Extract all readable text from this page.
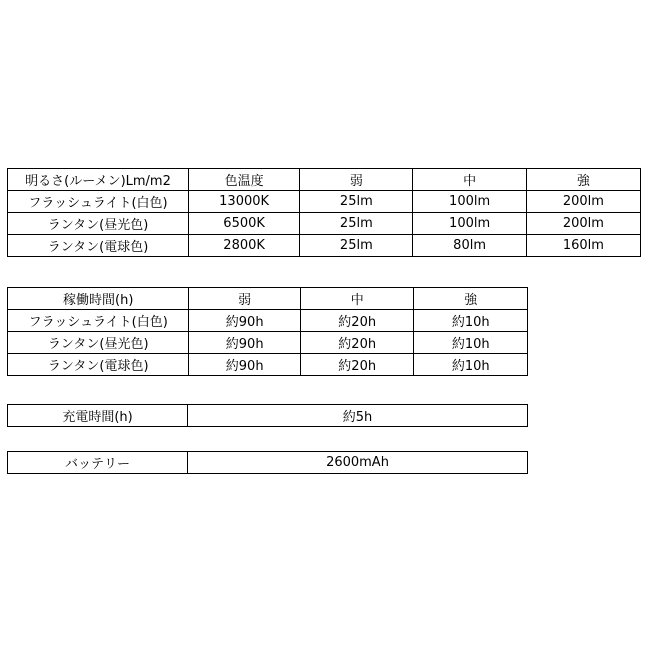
明るさ(ルーメン)Lm/m2	色温度	弱	中	強
フラッシュライト(白色)	13000K	25lm	100lm	200lm
ランタン(昼光色)	6500K	25lm	100lm	200lm
ランタン(電球色)	2800K	25lm	80lm	160lm
稼働時間(h)	弱	中	強
フラッシュライト(白色)	約90h	約20h	約10h
ランタン(昼光色)	約90h	約20h	約10h
ランタン(電球色)	約90h	約20h	約10h
充電時間(h)	約5h
バッテリー	2600mAh
